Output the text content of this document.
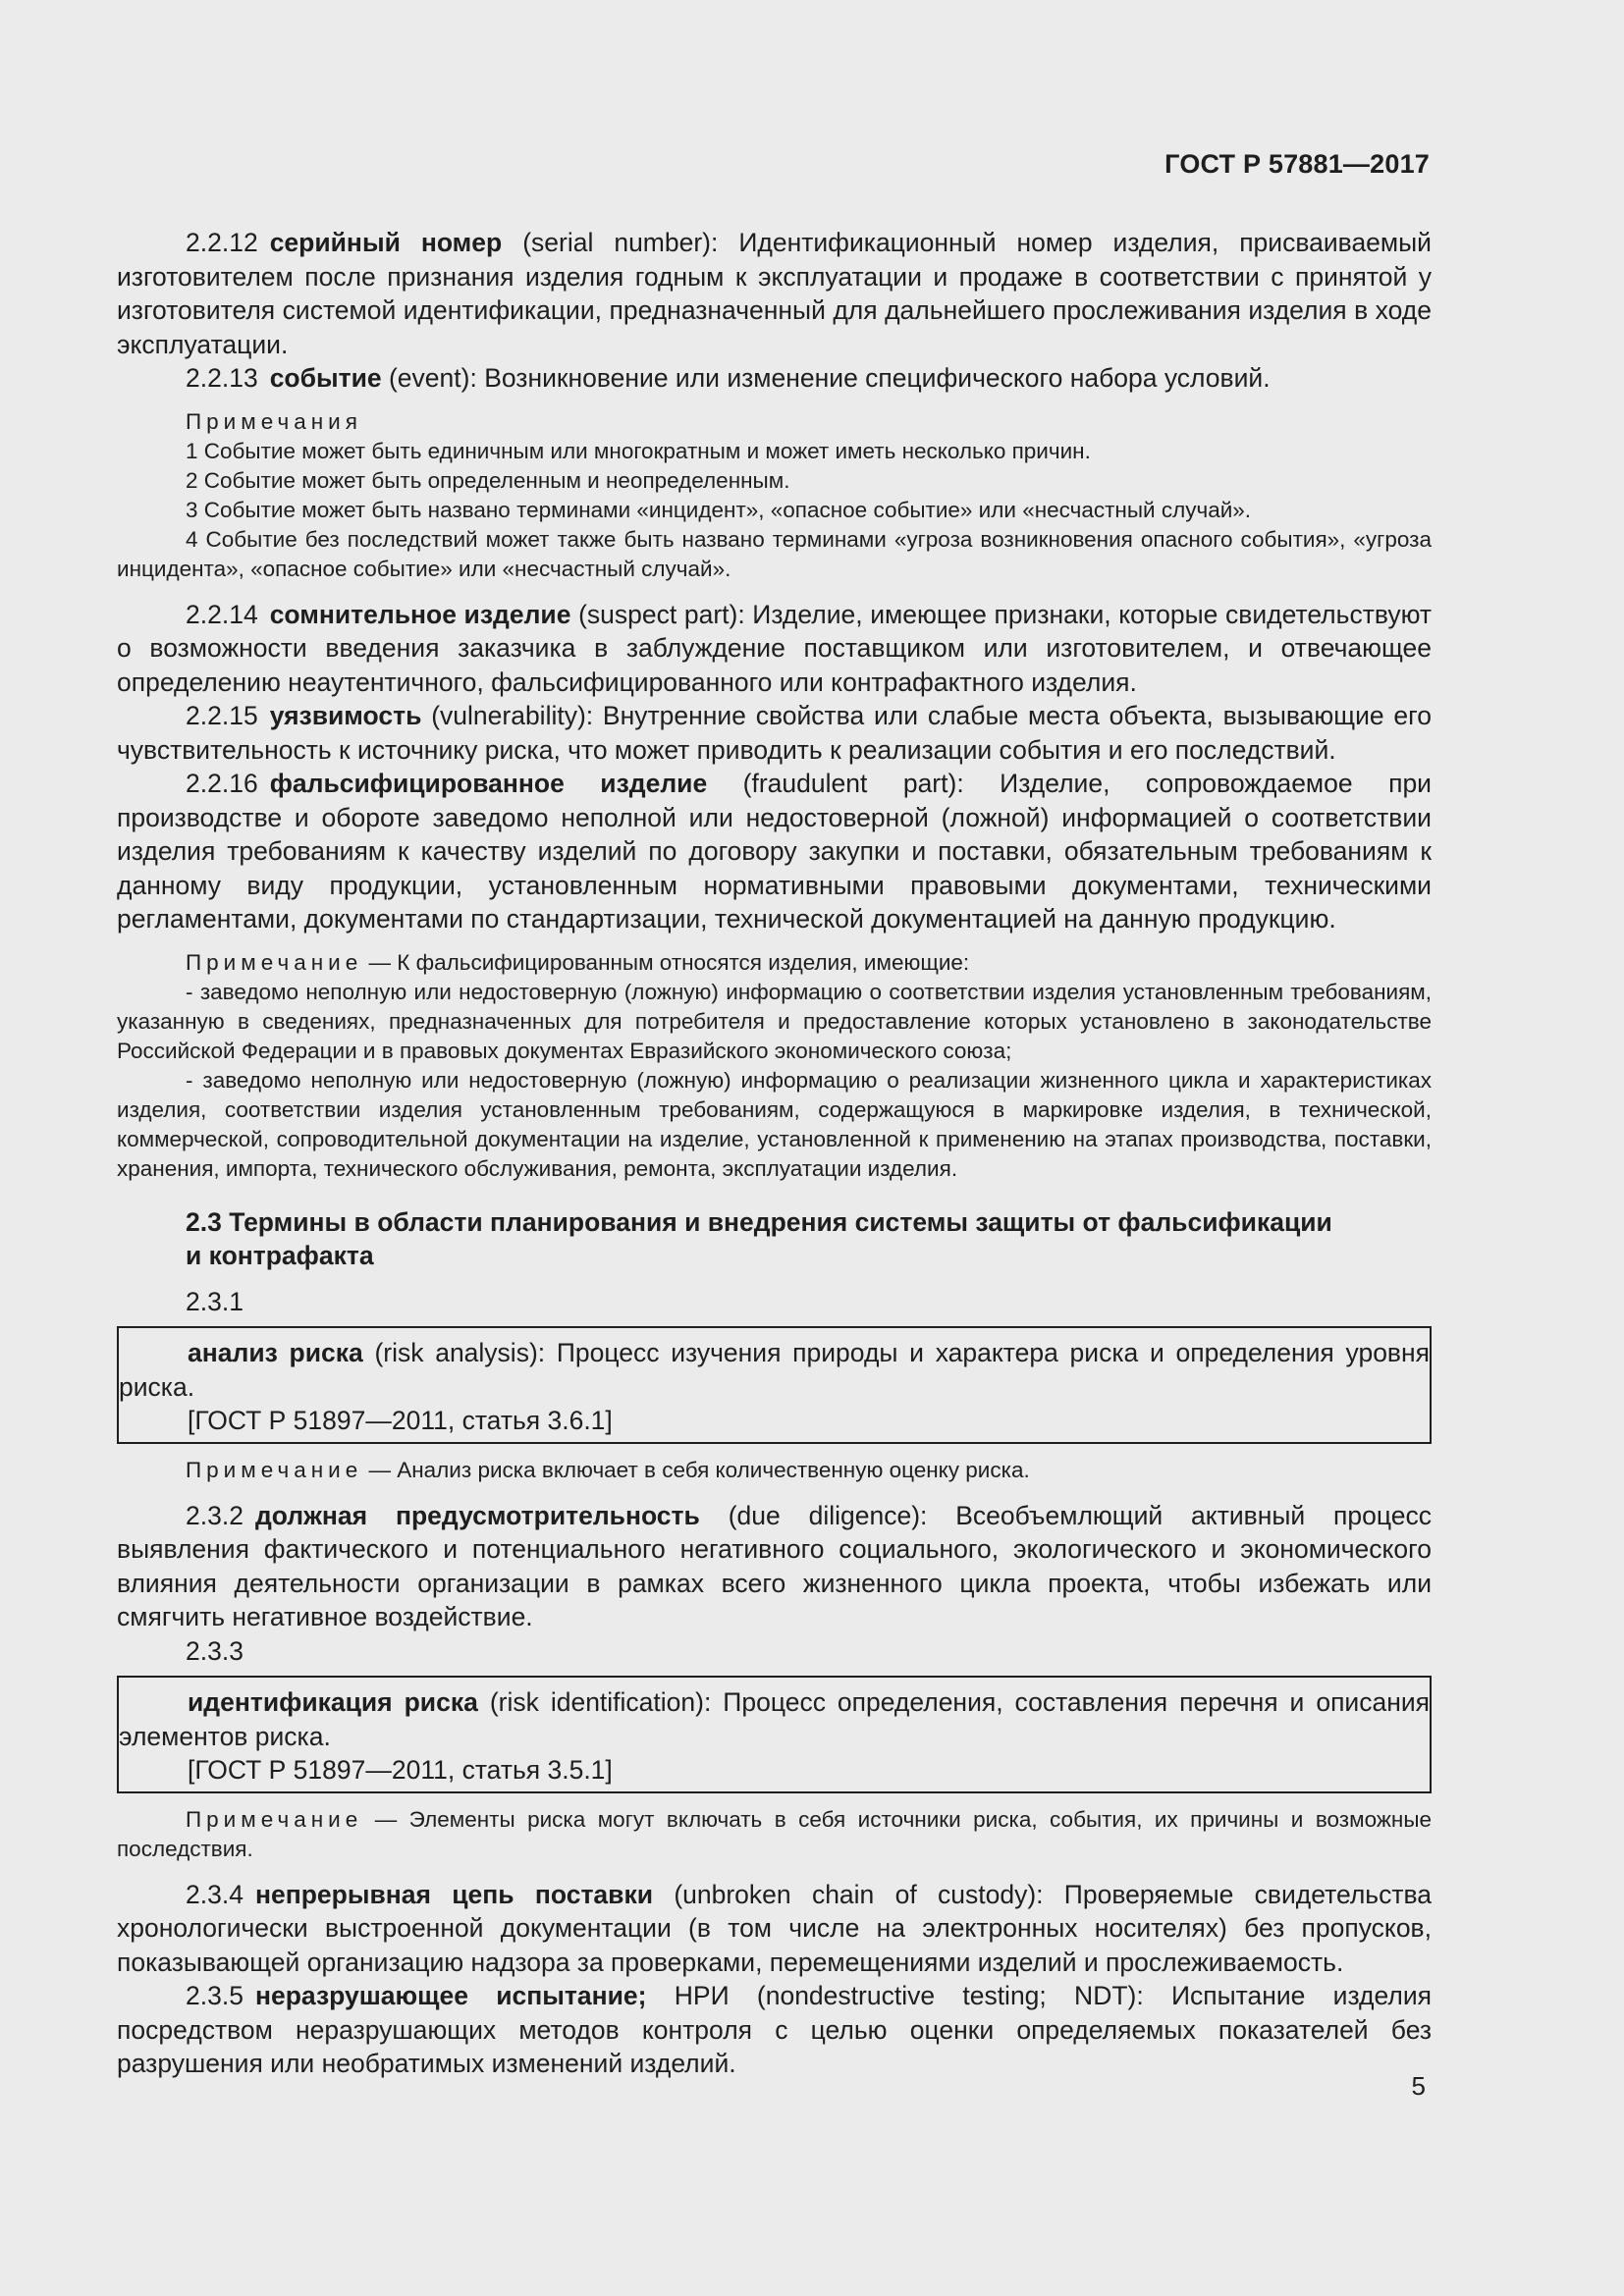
ГОСТ Р 57881—2017

2.2.12 серийный номер (serial number): Идентификационный номер изделия, присваиваемый изготовителем после признания изделия годным к эксплуатации и продаже в соответствии с принятой у изготовителя системой идентификации, предназначенный для дальнейшего прослеживания изделия в ходе эксплуатации.

2.2.13 событие (event): Возникновение или изменение специфического набора условий.

Примечания

1 Событие может быть единичным или многократным и может иметь несколько причин.

2 Событие может быть определенным и неопределенным.

3 Событие может быть названо терминами «инцидент», «опасное событие» или «несчастный случай».

4 Событие без последствий может также быть названо терминами «угроза возникновения опасного события», «угроза инцидента», «опасное событие» или «несчастный случай».

2.2.14 сомнительное изделие (suspect part): Изделие, имеющее признаки, которые свидетельствуют о возможности введения заказчика в заблуждение поставщиком или изготовителем, и отвечающее определению неаутентичного, фальсифицированного или контрафактного изделия.

2.2.15 уязвимость (vulnerability): Внутренние свойства или слабые места объекта, вызывающие его чувствительность к источнику риска, что может приводить к реализации события и его последствий.

2.2.16 фальсифицированное изделие (fraudulent part): Изделие, сопровождаемое при производстве и обороте заведомо неполной или недостоверной (ложной) информацией о соответствии изделия требованиям к качеству изделий по договору закупки и поставки, обязательным требованиям к данному виду продукции, установленным нормативными правовыми документами, техническими регламентами, документами по стандартизации, технической документацией на данную продукцию.

Примечание — К фальсифицированным относятся изделия, имеющие:

- заведомо неполную или недостоверную (ложную) информацию о соответствии изделия установленным требованиям, указанную в сведениях, предназначенных для потребителя и предоставление которых установлено в законодательстве Российской Федерации и в правовых документах Евразийского экономического союза;

- заведомо неполную или недостоверную (ложную) информацию о реализации жизненного цикла и характеристиках изделия, соответствии изделия установленным требованиям, содержащуюся в маркировке изделия, в технической, коммерческой, сопроводительной документации на изделие, установленной к применению на этапах производства, поставки, хранения, импорта, технического обслуживания, ремонта, эксплуатации изделия.

2.3 Термины в области планирования и внедрения системы защиты от фальсификации
и контрафакта

2.3.1

анализ риска (risk analysis): Процесс изучения природы и характера риска и определения уровня риска.

[ГОСТ Р 51897—2011, статья 3.6.1]

Примечание — Анализ риска включает в себя количественную оценку риска.

2.3.2 должная предусмотрительность (due diligence): Всеобъемлющий активный процесс выявления фактического и потенциального негативного социального, экологического и экономического влияния деятельности организации в рамках всего жизненного цикла проекта, чтобы избежать или смягчить негативное воздействие.

2.3.3

идентификация риска (risk identification): Процесс определения, составления перечня и описания элементов риска.

[ГОСТ Р 51897—2011, статья 3.5.1]

Примечание — Элементы риска могут включать в себя источники риска, события, их причины и возможные последствия.

2.3.4 непрерывная цепь поставки (unbroken chain of custody): Проверяемые свидетельства хронологически выстроенной документации (в том числе на электронных носителях) без пропусков, показывающей организацию надзора за проверками, перемещениями изделий и прослеживаемость.

2.3.5 неразрушающее испытание; НРИ (nondestructive testing; NDT): Испытание изделия посредством неразрушающих методов контроля с целью оценки определяемых показателей без разрушения или необратимых изменений изделий.

5
